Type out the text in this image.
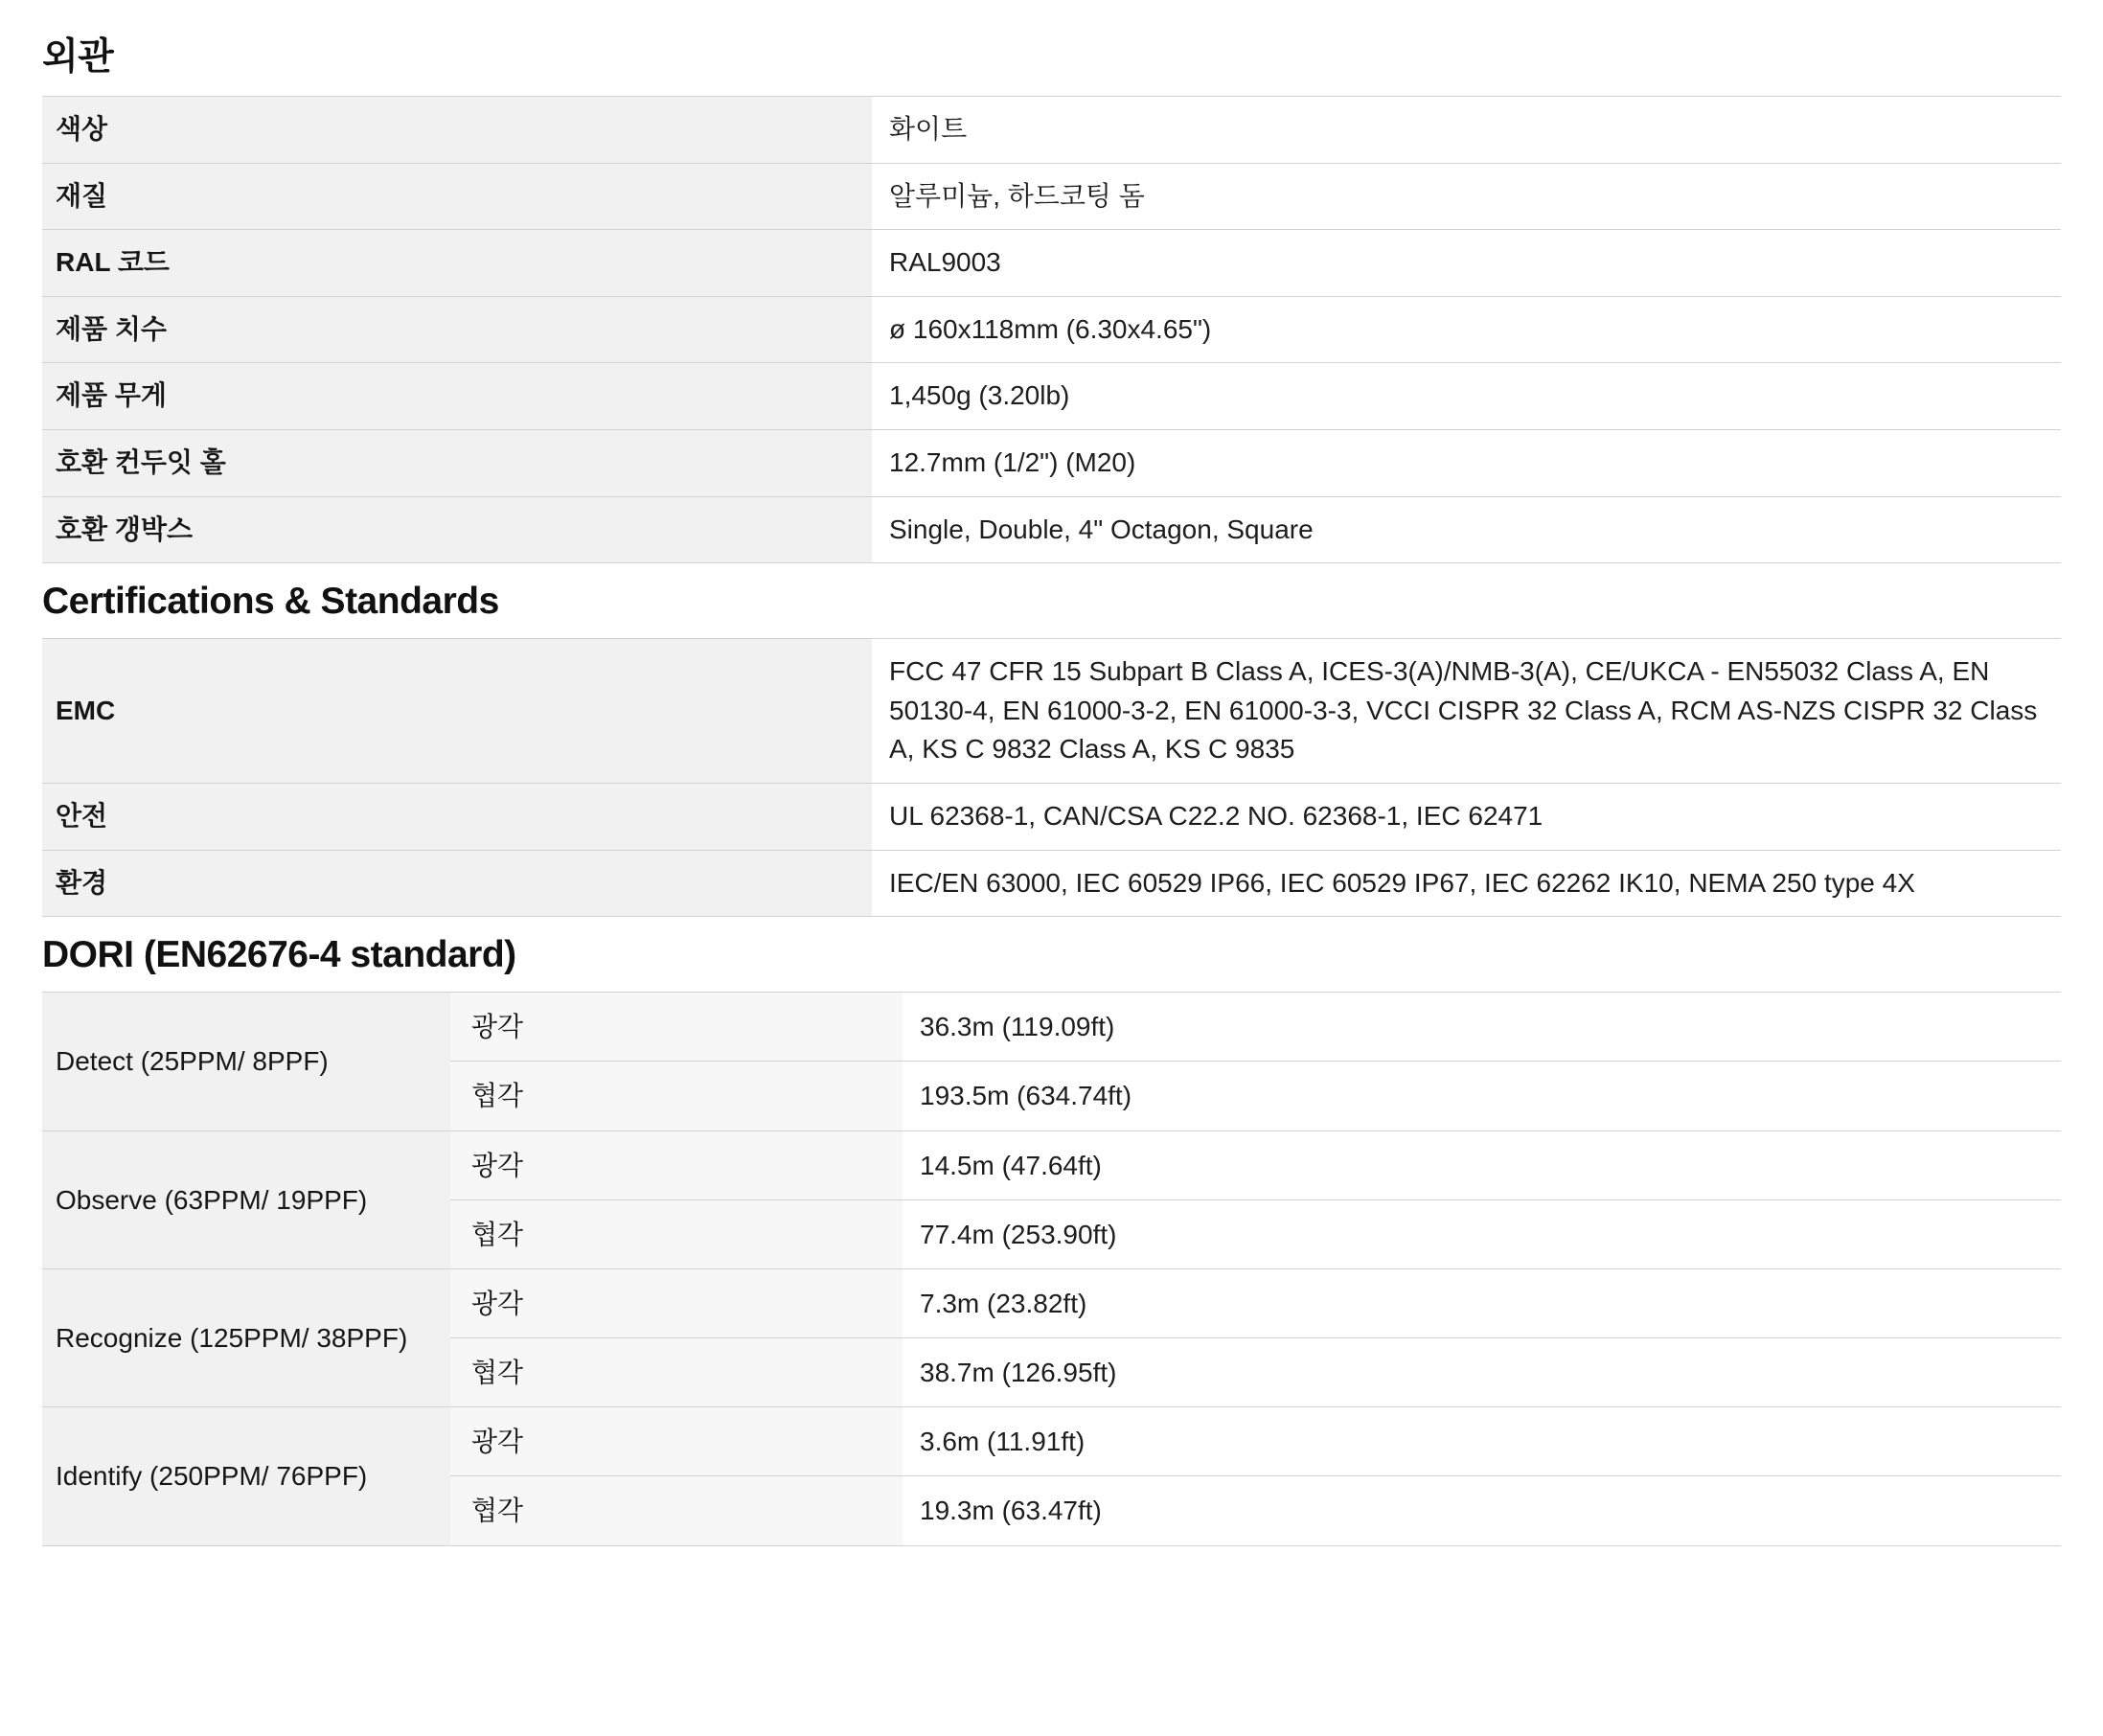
외관
색상	화이트
재질	알루미늄, 하드코팅 돔
RAL 코드	RAL9003
제품 치수	ø 160x118mm (6.30x4.65")
제품 무게	1,450g (3.20lb)
호환 컨두잇 홀	12.7mm (1/2") (M20)
호환 갱박스	Single, Double, 4" Octagon, Square
Certifications & Standards
EMC	FCC 47 CFR 15 Subpart B Class A, ICES-3(A)/NMB-3(A), CE/UKCA - EN55032 Class A, EN 50130-4, EN 61000-3-2, EN 61000-3-3, VCCI CISPR 32 Class A, RCM AS-NZS CISPR 32 Class A, KS C 9832 Class A, KS C 9835
안전	UL 62368-1, CAN/CSA C22.2 NO. 62368-1, IEC 62471
환경	IEC/EN 63000, IEC 60529 IP66, IEC 60529 IP67, IEC 62262 IK10, NEMA 250 type 4X
DORI (EN62676-4 standard)
Detect (25PPM/ 8PPF)	광각	36.3m (119.09ft)
	협각	193.5m (634.74ft)
Observe (63PPM/ 19PPF)	광각	14.5m (47.64ft)
	협각	77.4m (253.90ft)
Recognize (125PPM/ 38PPF)	광각	7.3m (23.82ft)
	협각	38.7m (126.95ft)
Identify (250PPM/ 76PPF)	광각	3.6m (11.91ft)
	협각	19.3m (63.47ft)
